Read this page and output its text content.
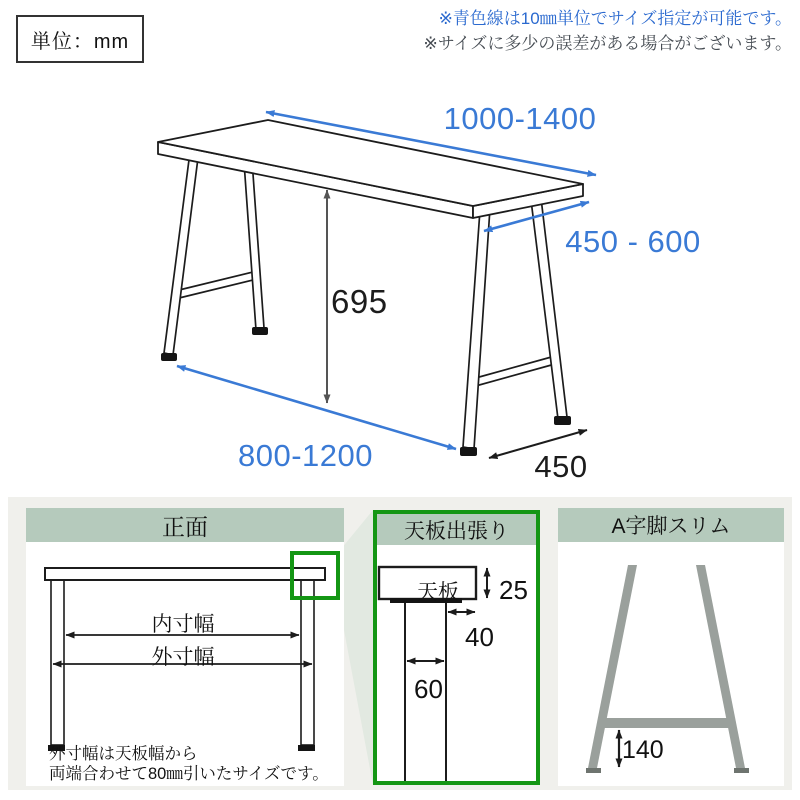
単位：mm
※青色線は10㎜単位でサイズ指定が可能です。
※サイズに多少の誤差がある場合がございます。
1000-1400
450 - 600
695
800-1200	450
正面
内寸幅
外寸幅
外寸幅は天板幅から
両端合わせて80㎜引いたサイズです。
天板出張り
天板	25
40
60
A字脚スリム
140
